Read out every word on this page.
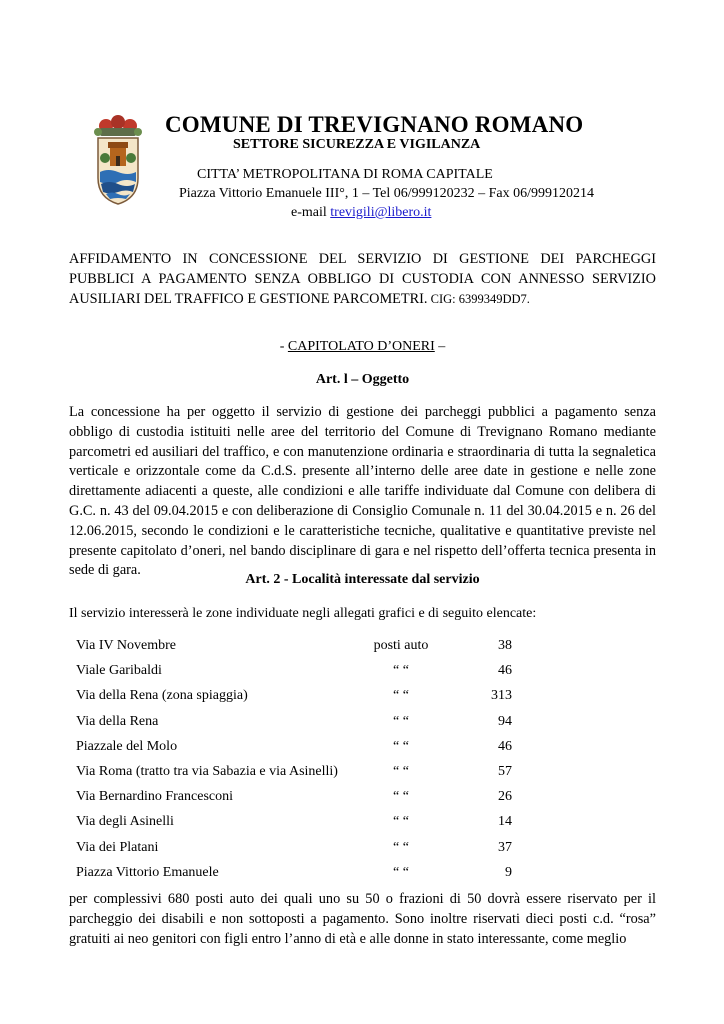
COMUNE DI TREVIGNANO ROMANO
SETTORE SICUREZZA E VIGILANZA
CITTA’ METROPOLITANA DI ROMA CAPITALE
Piazza Vittorio Emanuele III°, 1 – Tel 06/999120232 – Fax 06/999120214
e-mail trevigili@libero.it
AFFIDAMENTO IN CONCESSIONE DEL SERVIZIO DI GESTIONE DEI PARCHEGGI PUBBLICI A PAGAMENTO SENZA OBBLIGO DI CUSTODIA CON ANNESSO SERVIZIO AUSILIARI DEL TRAFFICO E GESTIONE PARCOMETRI. CIG: 6399349DD7.
- CAPITOLATO D’ONERI –
Art. l – Oggetto
La concessione ha per oggetto il servizio di gestione dei parcheggi pubblici a pagamento senza obbligo di custodia istituiti nelle aree del territorio del Comune di Trevignano Romano mediante parcometri ed ausiliari del traffico, e con manutenzione ordinaria e straordinaria di tutta la segnaletica verticale e orizzontale come da C.d.S. presente all’interno delle aree date in gestione e nelle zone direttamente adiacenti a queste, alle condizioni e alle tariffe individuate dal Comune con delibera di G.C. n. 43 del 09.04.2015 e con deliberazione di Consiglio Comunale n. 11 del 30.04.2015 e n. 26 del 12.06.2015, secondo le condizioni e le caratteristiche tecniche, qualitative e quantitative previste nel presente capitolato d’oneri, nel bando disciplinare di gara e nel rispetto dell’offerta tecnica presenta in sede di gara.
Art. 2 - Località interessate dal servizio
Il servizio interesserà le zone individuate negli allegati grafici e di seguito elencate:
Via IV Novembre	posti auto	38
Viale Garibaldi	“ “	46
Via della Rena (zona spiaggia)	“ “	313
Via della Rena	“ “	94
Piazzale del Molo	“ “	46
Via Roma (tratto tra via Sabazia e via Asinelli)	“ “	57
Via Bernardino Francesconi	“ “	26
Via degli Asinelli	“ “	14
Via dei Platani	“ “	37
Piazza Vittorio Emanuele	“ “	9
per complessivi 680 posti auto dei quali uno su 50 o frazioni di 50 dovrà essere riservato per il parcheggio dei disabili e non sottoposti a pagamento. Sono inoltre riservati dieci posti c.d. “rosa” gratuiti ai neo genitori con figli entro l’anno di età e alle donne in stato interessante, come meglio
